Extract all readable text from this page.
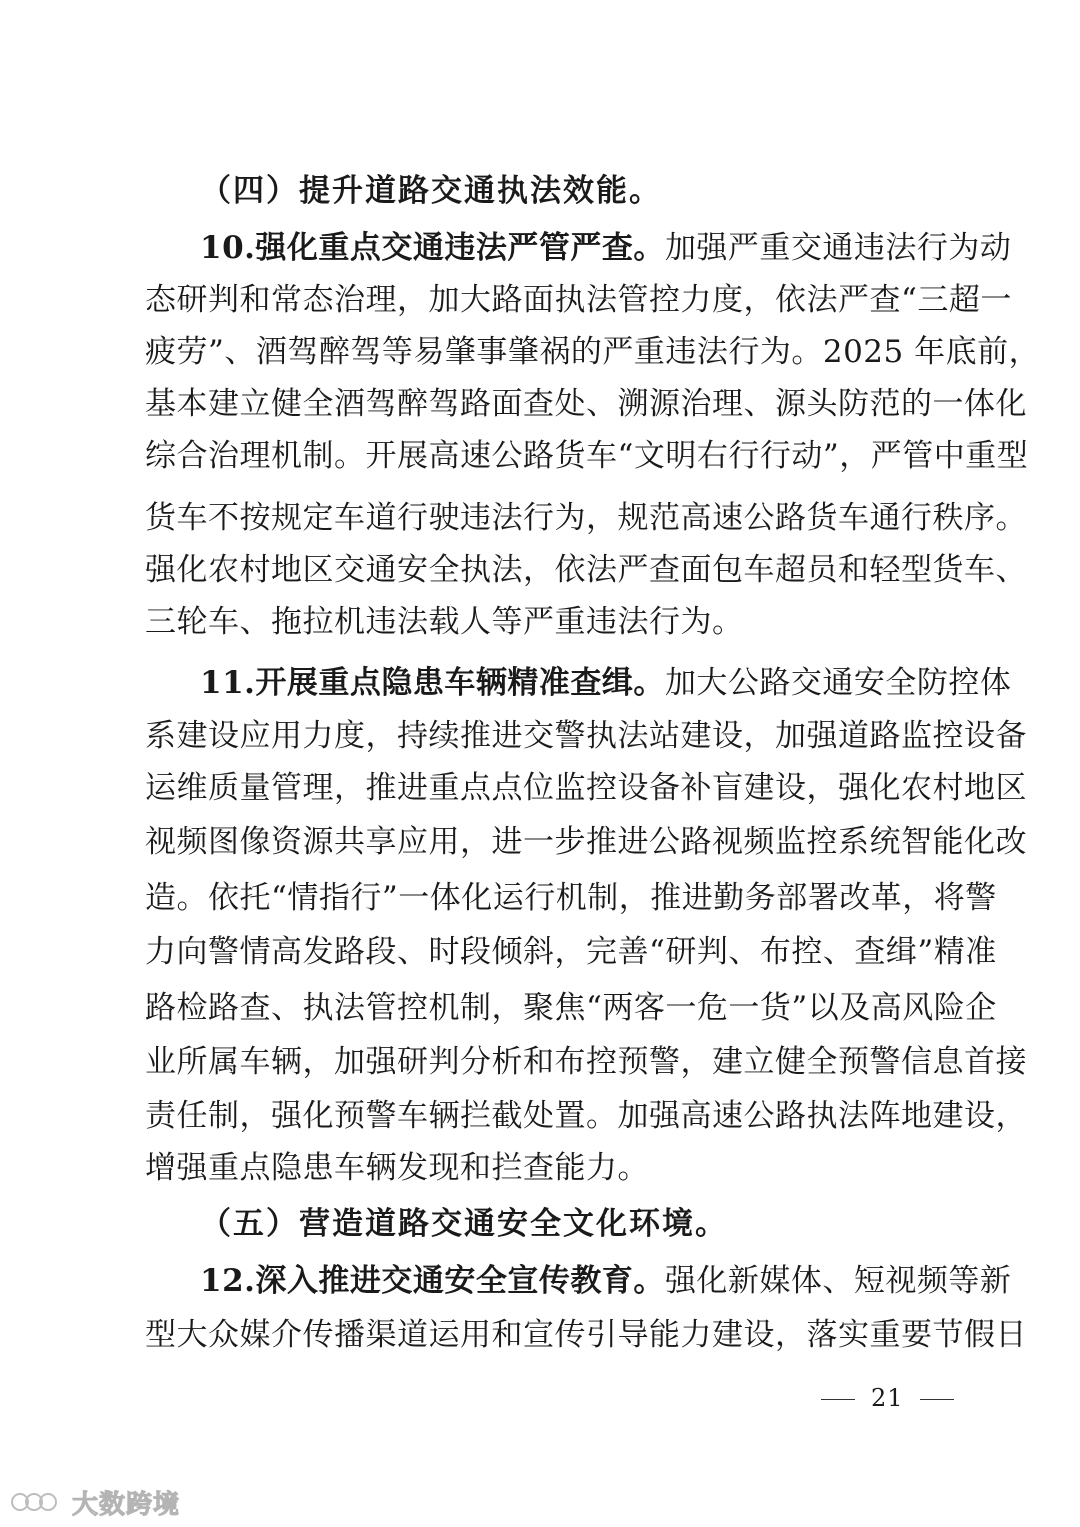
（四）提升道路交通执法效能。
10.强化重点交通违法严管严查。加强严重交通违法行为动
态研判和常态治理，加大路面执法管控力度，依法严查“三超一
疲劳”、酒驾醉驾等易肇事肇祸的严重违法行为。2025 年底前，
基本建立健全酒驾醉驾路面查处、溯源治理、源头防范的一体化
综合治理机制。开展高速公路货车“文明右行行动”，严管中重型
货车不按规定车道行驶违法行为，规范高速公路货车通行秩序。
强化农村地区交通安全执法，依法严查面包车超员和轻型货车、
三轮车、拖拉机违法载人等严重违法行为。
11.开展重点隐患车辆精准查缉。加大公路交通安全防控体
系建设应用力度，持续推进交警执法站建设，加强道路监控设备
运维质量管理，推进重点点位监控设备补盲建设，强化农村地区
视频图像资源共享应用，进一步推进公路视频监控系统智能化改
造。依托“情指行”一体化运行机制，推进勤务部署改革，将警
力向警情高发路段、时段倾斜，完善“研判、布控、查缉”精准
路检路查、执法管控机制，聚焦“两客一危一货”以及高风险企
业所属车辆，加强研判分析和布控预警，建立健全预警信息首接
责任制，强化预警车辆拦截处置。加强高速公路执法阵地建设，
增强重点隐患车辆发现和拦查能力。
（五）营造道路交通安全文化环境。
12.深入推进交通安全宣传教育。强化新媒体、短视频等新
型大众媒介传播渠道运用和宣传引导能力建设，落实重要节假日
21
大数跨境
